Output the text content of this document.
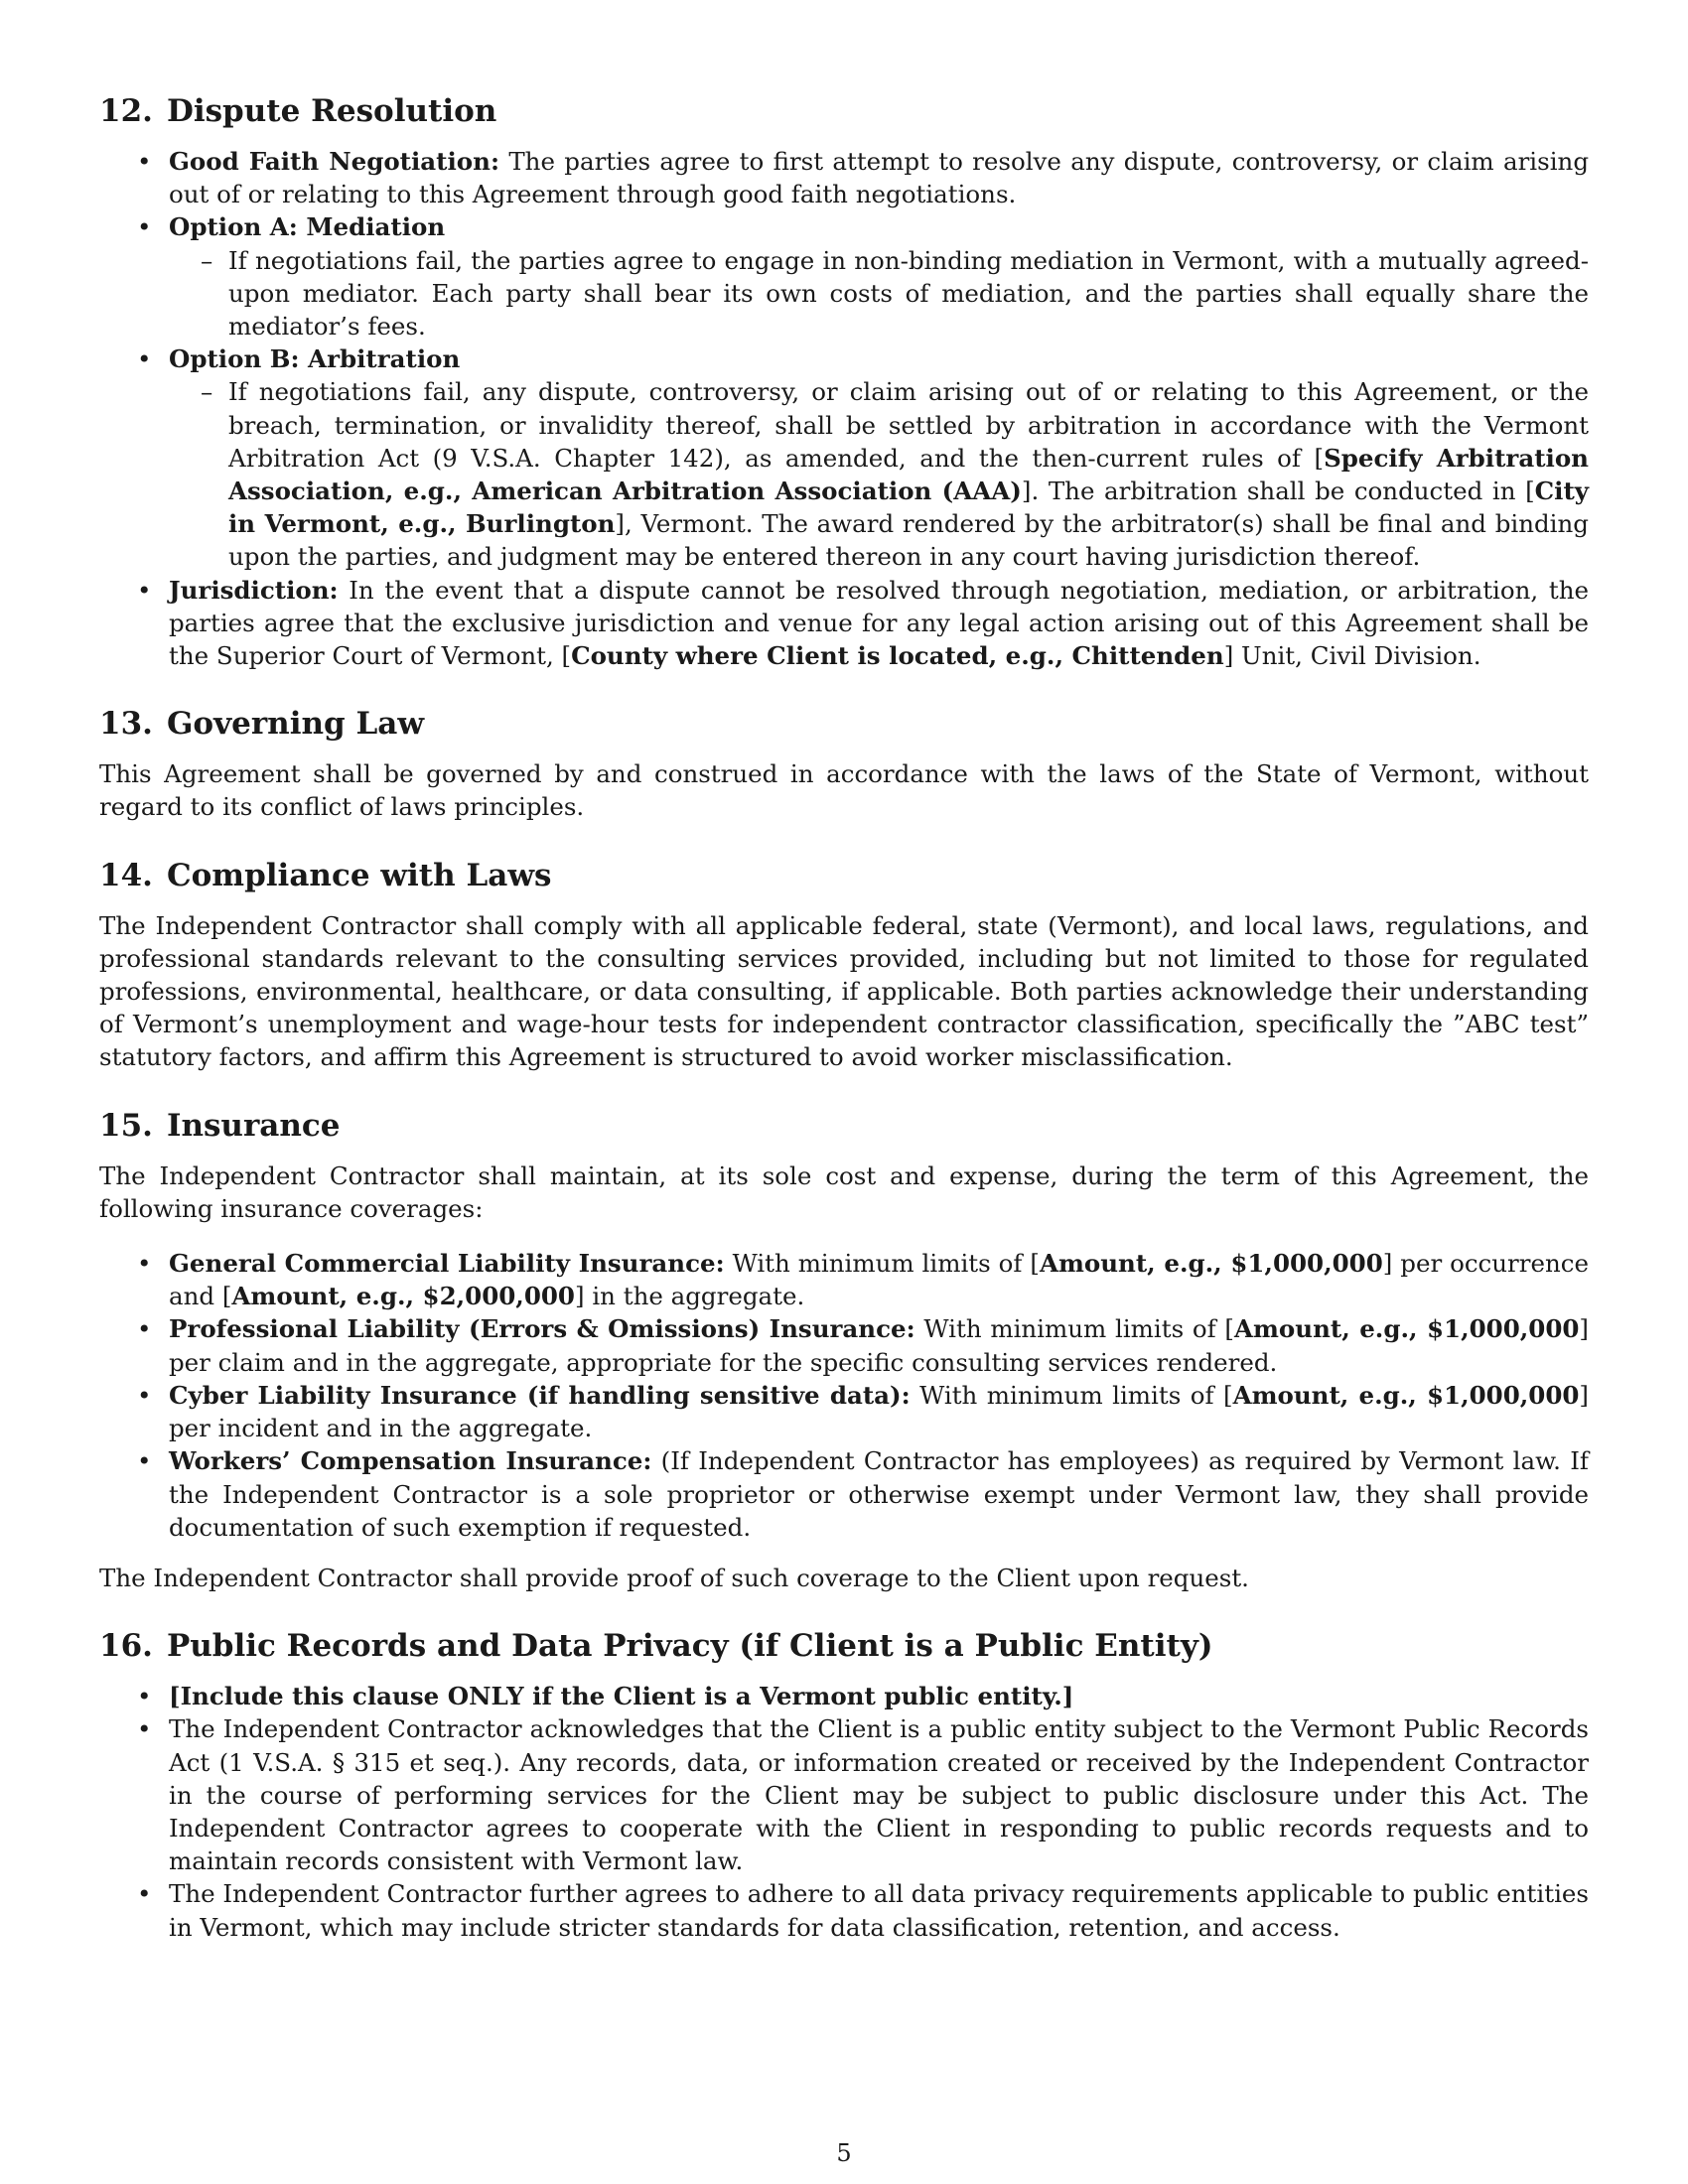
12. Dispute Resolution
• Good Faith Negotiation: The parties agree to first attempt to resolve any dispute, controversy, or claim arising out of or relating to this Agreement through good faith negotiations.
• Option A: Mediation
– If negotiations fail, the parties agree to engage in non-binding mediation in Vermont, with a mutually agreed-upon mediator. Each party shall bear its own costs of mediation, and the parties shall equally share the mediator’s fees.
• Option B: Arbitration
– If negotiations fail, any dispute, controversy, or claim arising out of or relating to this Agreement, or the breach, termination, or invalidity thereof, shall be settled by arbitration in accordance with the Vermont Arbitration Act (9 V.S.A. Chapter 142), as amended, and the then-current rules of [Specify Arbitration Association, e.g., American Arbitration Association (AAA)]. The arbitration shall be conducted in [City in Vermont, e.g., Burlington], Vermont. The award rendered by the arbitrator(s) shall be final and binding upon the parties, and judgment may be entered thereon in any court having jurisdiction thereof.
• Jurisdiction: In the event that a dispute cannot be resolved through negotiation, mediation, or arbitration, the parties agree that the exclusive jurisdiction and venue for any legal action arising out of this Agreement shall be the Superior Court of Vermont, [County where Client is located, e.g., Chittenden] Unit, Civil Division.
13. Governing Law

This Agreement shall be governed by and construed in accordance with the laws of the State of Vermont, without regard to its conflict of laws principles.

14. Compliance with Laws

The Independent Contractor shall comply with all applicable federal, state (Vermont), and local laws, regulations, and professional standards relevant to the consulting services provided, including but not limited to those for regulated professions, environmental, healthcare, or data consulting, if applicable. Both parties acknowledge their understanding of Vermont’s unemployment and wage-hour tests for independent contractor classification, specifically the ”ABC test” statutory factors, and affirm this Agreement is structured to avoid worker misclassification.

15. Insurance

The Independent Contractor shall maintain, at its sole cost and expense, during the term of this Agreement, the following insurance coverages:

• General Commercial Liability Insurance: With minimum limits of [Amount, e.g., $1,000,000] per occurrence and [Amount, e.g., $2,000,000] in the aggregate.
• Professional Liability (Errors & Omissions) Insurance: With minimum limits of [Amount, e.g., $1,000,000] per claim and in the aggregate, appropriate for the specific consulting services rendered.
• Cyber Liability Insurance (if handling sensitive data): With minimum limits of [Amount, e.g., $1,000,000] per incident and in the aggregate.
• Workers’ Compensation Insurance: (If Independent Contractor has employees) as required by Vermont law. If the Independent Contractor is a sole proprietor or otherwise exempt under Vermont law, they shall provide documentation of such exemption if requested.

The Independent Contractor shall provide proof of such coverage to the Client upon request.

16. Public Records and Data Privacy (if Client is a Public Entity)
• [Include this clause ONLY if the Client is a Vermont public entity.]
• The Independent Contractor acknowledges that the Client is a public entity subject to the Vermont Public Records Act (1 V.S.A. § 315 et seq.). Any records, data, or information created or received by the Independent Contractor in the course of performing services for the Client may be subject to public disclosure under this Act. The Independent Contractor agrees to cooperate with the Client in responding to public records requests and to maintain records consistent with Vermont law.
• The Independent Contractor further agrees to adhere to all data privacy requirements applicable to public entities in Vermont, which may include stricter standards for data classification, retention, and access.
5
